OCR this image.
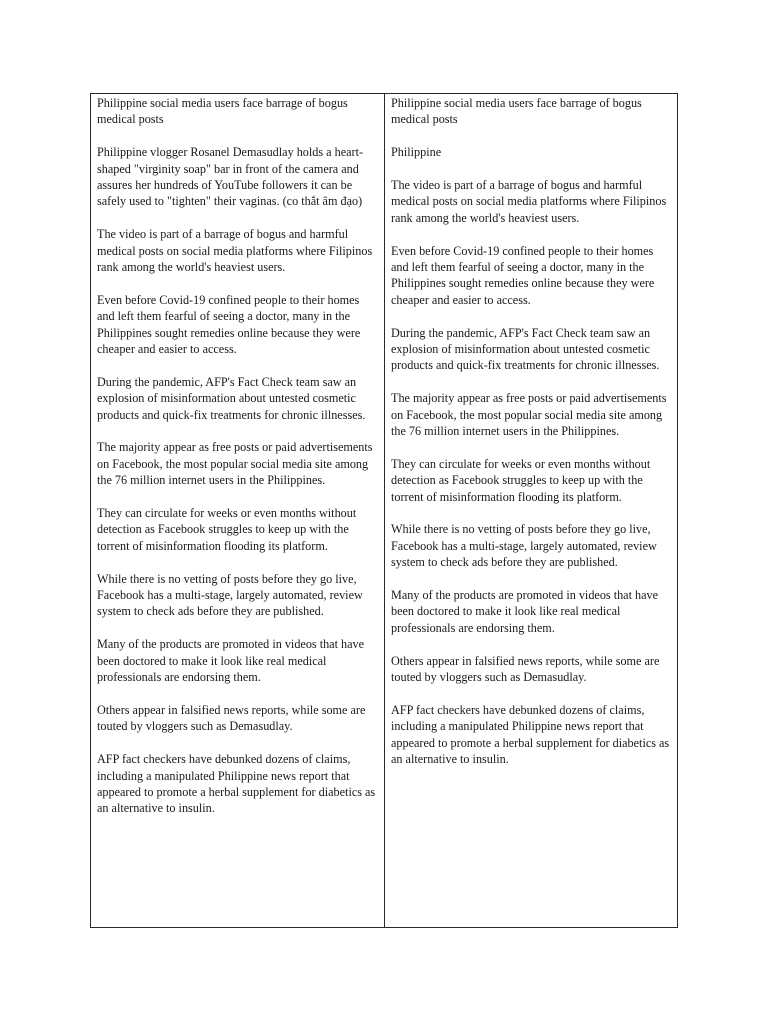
Philippine social media users face barrage of bogus medical posts

Philippine vlogger Rosanel Demasudlay holds a heart-shaped "virginity soap" bar in front of the camera and assures her hundreds of YouTube followers it can be safely used to "tighten" their vaginas. (co thắt âm đạo)

The video is part of a barrage of bogus and harmful medical posts on social media platforms where Filipinos rank among the world's heaviest users.

Even before Covid-19 confined people to their homes and left them fearful of seeing a doctor, many in the Philippines sought remedies online because they were cheaper and easier to access.

During the pandemic, AFP's Fact Check team saw an explosion of misinformation about untested cosmetic products and quick-fix treatments for chronic illnesses.

The majority appear as free posts or paid advertisements on Facebook, the most popular social media site among the 76 million internet users in the Philippines.

They can circulate for weeks or even months without detection as Facebook struggles to keep up with the torrent of misinformation flooding its platform.

While there is no vetting of posts before they go live, Facebook has a multi-stage, largely automated, review system to check ads before they are published.

Many of the products are promoted in videos that have been doctored to make it look like real medical professionals are endorsing them.

Others appear in falsified news reports, while some are touted by vloggers such as Demasudlay.

AFP fact checkers have debunked dozens of claims, including a manipulated Philippine news report that appeared to promote a herbal supplement for diabetics as an alternative to insulin.

Philippine social media users face barrage of bogus medical posts

Philippine

The video is part of a barrage of bogus and harmful medical posts on social media platforms where Filipinos rank among the world's heaviest users.

Even before Covid-19 confined people to their homes and left them fearful of seeing a doctor, many in the Philippines sought remedies online because they were cheaper and easier to access.

During the pandemic, AFP's Fact Check team saw an explosion of misinformation about untested cosmetic products and quick-fix treatments for chronic illnesses.

The majority appear as free posts or paid advertisements on Facebook, the most popular social media site among the 76 million internet users in the Philippines.

They can circulate for weeks or even months without detection as Facebook struggles to keep up with the torrent of misinformation flooding its platform.

While there is no vetting of posts before they go live, Facebook has a multi-stage, largely automated, review system to check ads before they are published.

Many of the products are promoted in videos that have been doctored to make it look like real medical professionals are endorsing them.

Others appear in falsified news reports, while some are touted by vloggers such as Demasudlay.

AFP fact checkers have debunked dozens of claims, including a manipulated Philippine news report that appeared to promote a herbal supplement for diabetics as an alternative to insulin.
